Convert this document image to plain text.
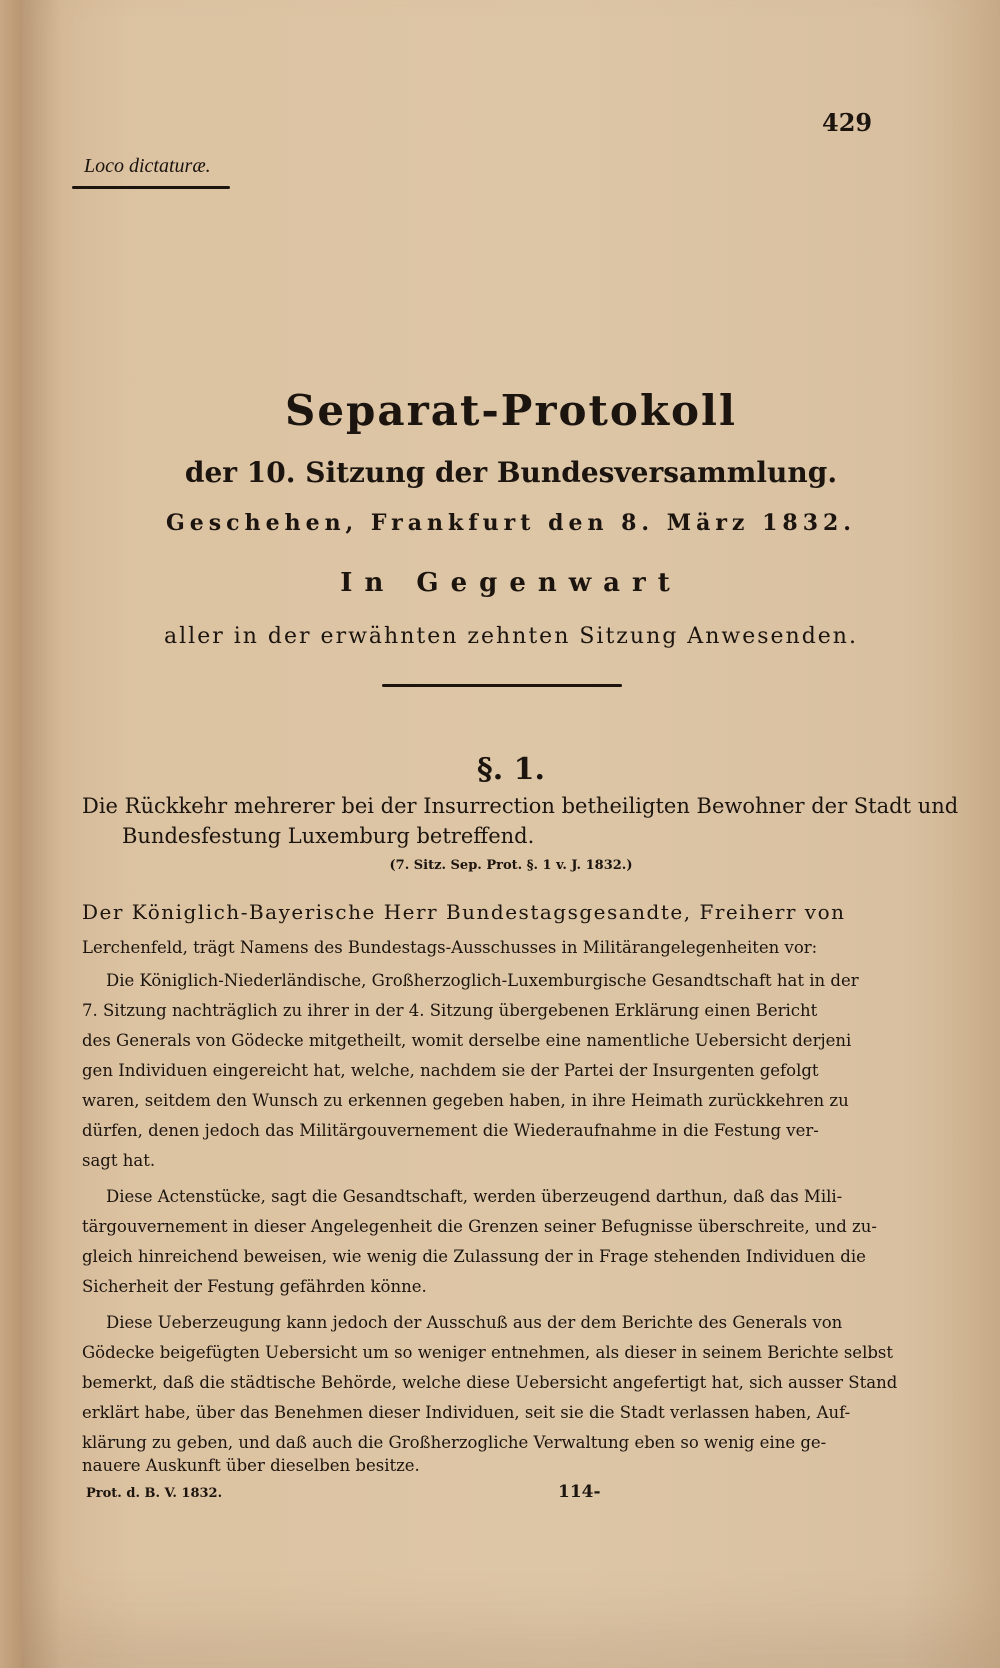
429
Loco dictaturæ.
Separat-Protokoll
der 10. Sitzung der Bundesversammlung.
Geschehen, Frankfurt den 8. März 1832.
In Gegenwart
aller in der erwähnten zehnten Sitzung Anwesenden.
§. 1.
Die Rückkehr mehrerer bei der Insurrection betheiligten Bewohner der Stadt und
Bundesfestung Luxemburg betreffend.
(7. Sitz. Sep. Prot. §. 1 v. J. 1832.)
Der Königlich-Bayerische Herr Bundestagsgesandte, Freiherr von
Lerchenfeld, trägt Namens des Bundestags-Ausschusses in Militärangelegenheiten vor:
Die Königlich-Niederländische, Großherzoglich-Luxemburgische Gesandtschaft hat in der
7. Sitzung nachträglich zu ihrer in der 4. Sitzung übergebenen Erklärung einen Bericht
des Generals von Gödecke mitgetheilt, womit derselbe eine namentliche Uebersicht derjeni
gen Individuen eingereicht hat, welche, nachdem sie der Partei der Insurgenten gefolgt
waren, seitdem den Wunsch zu erkennen gegeben haben, in ihre Heimath zurückkehren zu
dürfen, denen jedoch das Militärgouvernement die Wiederaufnahme in die Festung ver-
sagt hat.
Diese Actenstücke, sagt die Gesandtschaft, werden überzeugend darthun, daß das Mili-
tärgouvernement in dieser Angelegenheit die Grenzen seiner Befugnisse überschreite, und zu-
gleich hinreichend beweisen, wie wenig die Zulassung der in Frage stehenden Individuen die
Sicherheit der Festung gefährden könne.
Diese Ueberzeugung kann jedoch der Ausschuß aus der dem Berichte des Generals von
Gödecke beigefügten Uebersicht um so weniger entnehmen, als dieser in seinem Berichte selbst
bemerkt, daß die städtische Behörde, welche diese Uebersicht angefertigt hat, sich ausser Stand
erklärt habe, über das Benehmen dieser Individuen, seit sie die Stadt verlassen haben, Auf-
klärung zu geben, und daß auch die Großherzogliche Verwaltung eben so wenig eine ge-
nauere Auskunft über dieselben besitze.
Prot. d. B. V. 1832.	114-
